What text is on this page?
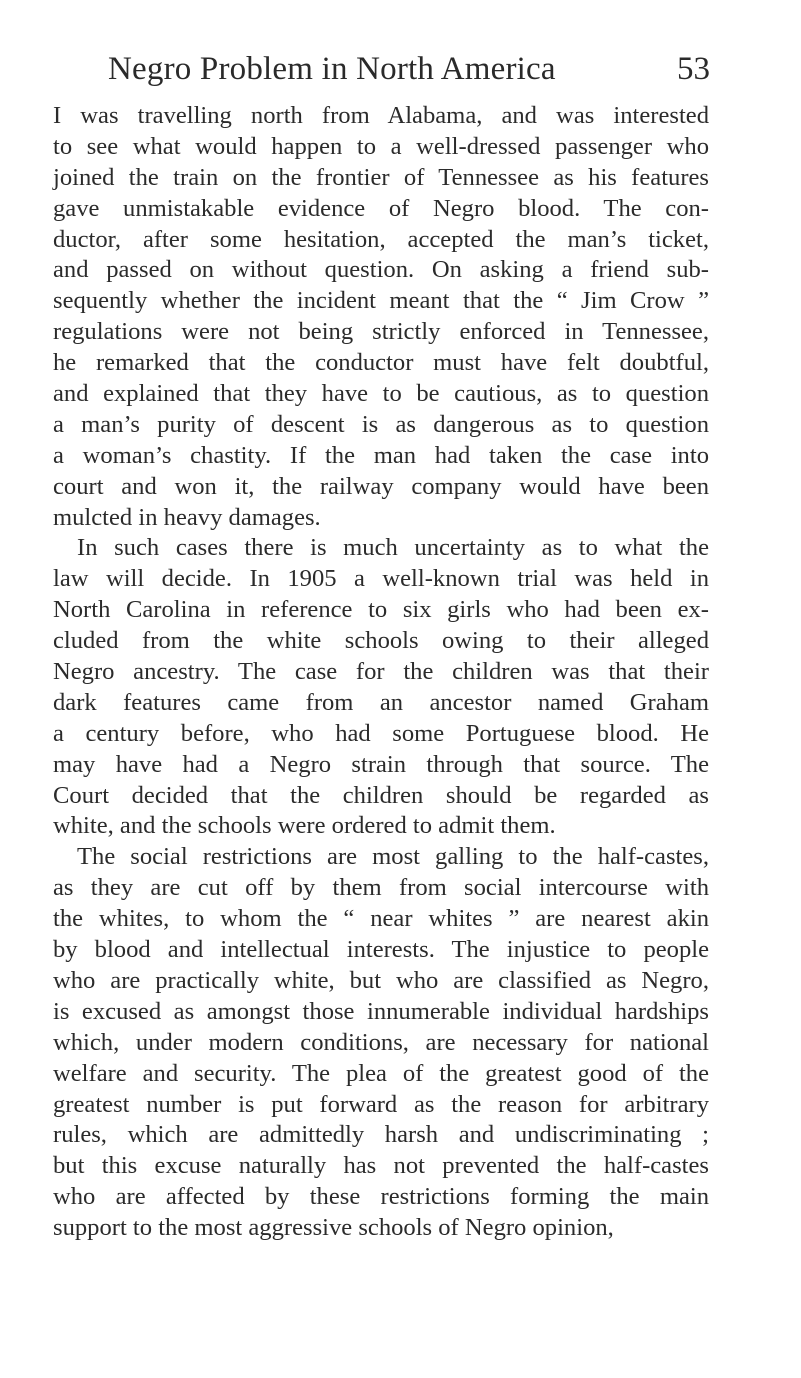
Negro Problem in North America	53
I was travelling north from Alabama, and was interested
to see what would happen to a well-dressed passenger who
joined the train on the frontier of Tennessee as his features
gave unmistakable evidence of Negro blood. The con-
ductor, after some hesitation, accepted the man’s ticket,
and passed on without question. On asking a friend sub-
sequently whether the incident meant that the “ Jim Crow ”
regulations were not being strictly enforced in Tennessee,
he remarked that the conductor must have felt doubtful,
and explained that they have to be cautious, as to question
a man’s purity of descent is as dangerous as to question
a woman’s chastity. If the man had taken the case into
court and won it, the railway company would have been
mulcted in heavy damages.
In such cases there is much uncertainty as to what the
law will decide. In 1905 a well-known trial was held in
North Carolina in reference to six girls who had been ex-
cluded from the white schools owing to their alleged
Negro ancestry. The case for the children was that their
dark features came from an ancestor named Graham
a century before, who had some Portuguese blood. He
may have had a Negro strain through that source. The
Court decided that the children should be regarded as
white, and the schools were ordered to admit them.
The social restrictions are most galling to the half-castes,
as they are cut off by them from social intercourse with
the whites, to whom the “ near whites ” are nearest akin
by blood and intellectual interests. The injustice to people
who are practically white, but who are classified as Negro,
is excused as amongst those innumerable individual hardships
which, under modern conditions, are necessary for national
welfare and security. The plea of the greatest good of the
greatest number is put forward as the reason for arbitrary
rules, which are admittedly harsh and undiscriminating ;
but this excuse naturally has not prevented the half-castes
who are affected by these restrictions forming the main
support to the most aggressive schools of Negro opinion,
